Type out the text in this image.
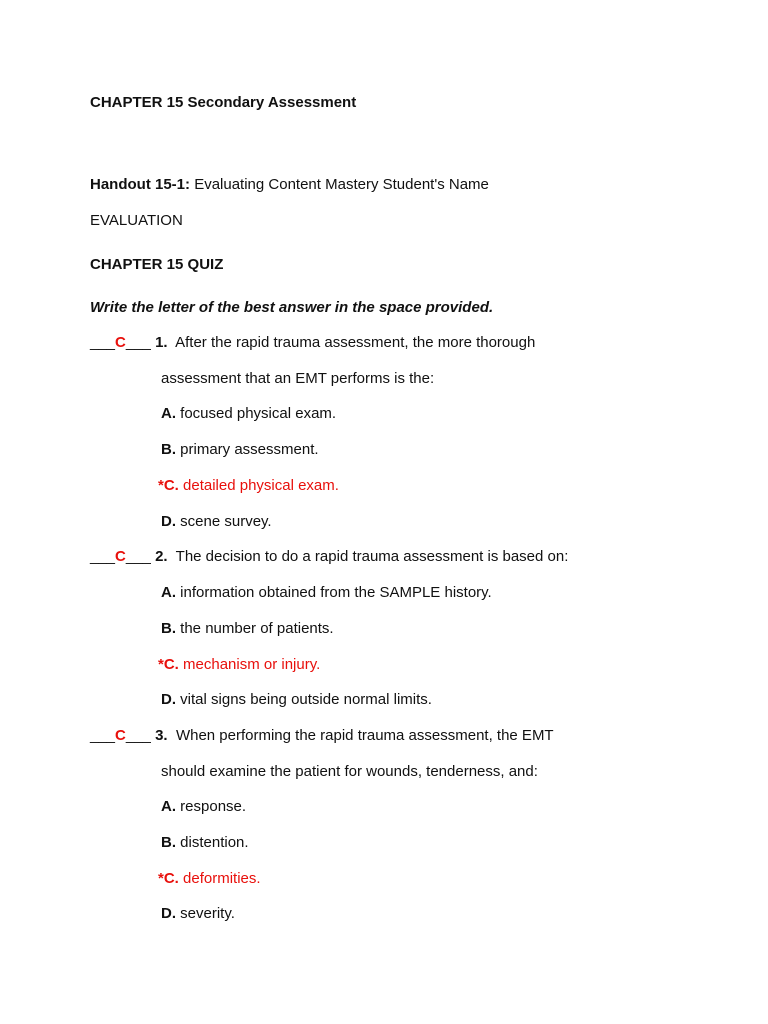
CHAPTER 15 Secondary Assessment
Handout 15-1: Evaluating Content Mastery Student's Name
EVALUATION
CHAPTER 15 QUIZ
Write the letter of the best answer in the space provided.
___C___ 1. After the rapid trauma assessment, the more thorough
assessment that an EMT performs is the:
A. focused physical exam.
B. primary assessment.
*C. detailed physical exam.
D. scene survey.
___C___ 2. The decision to do a rapid trauma assessment is based on:
A. information obtained from the SAMPLE history.
B. the number of patients.
*C. mechanism or injury.
D. vital signs being outside normal limits.
___C___ 3. When performing the rapid trauma assessment, the EMT
should examine the patient for wounds, tenderness, and:
A. response.
B. distention.
*C. deformities.
D. severity.
